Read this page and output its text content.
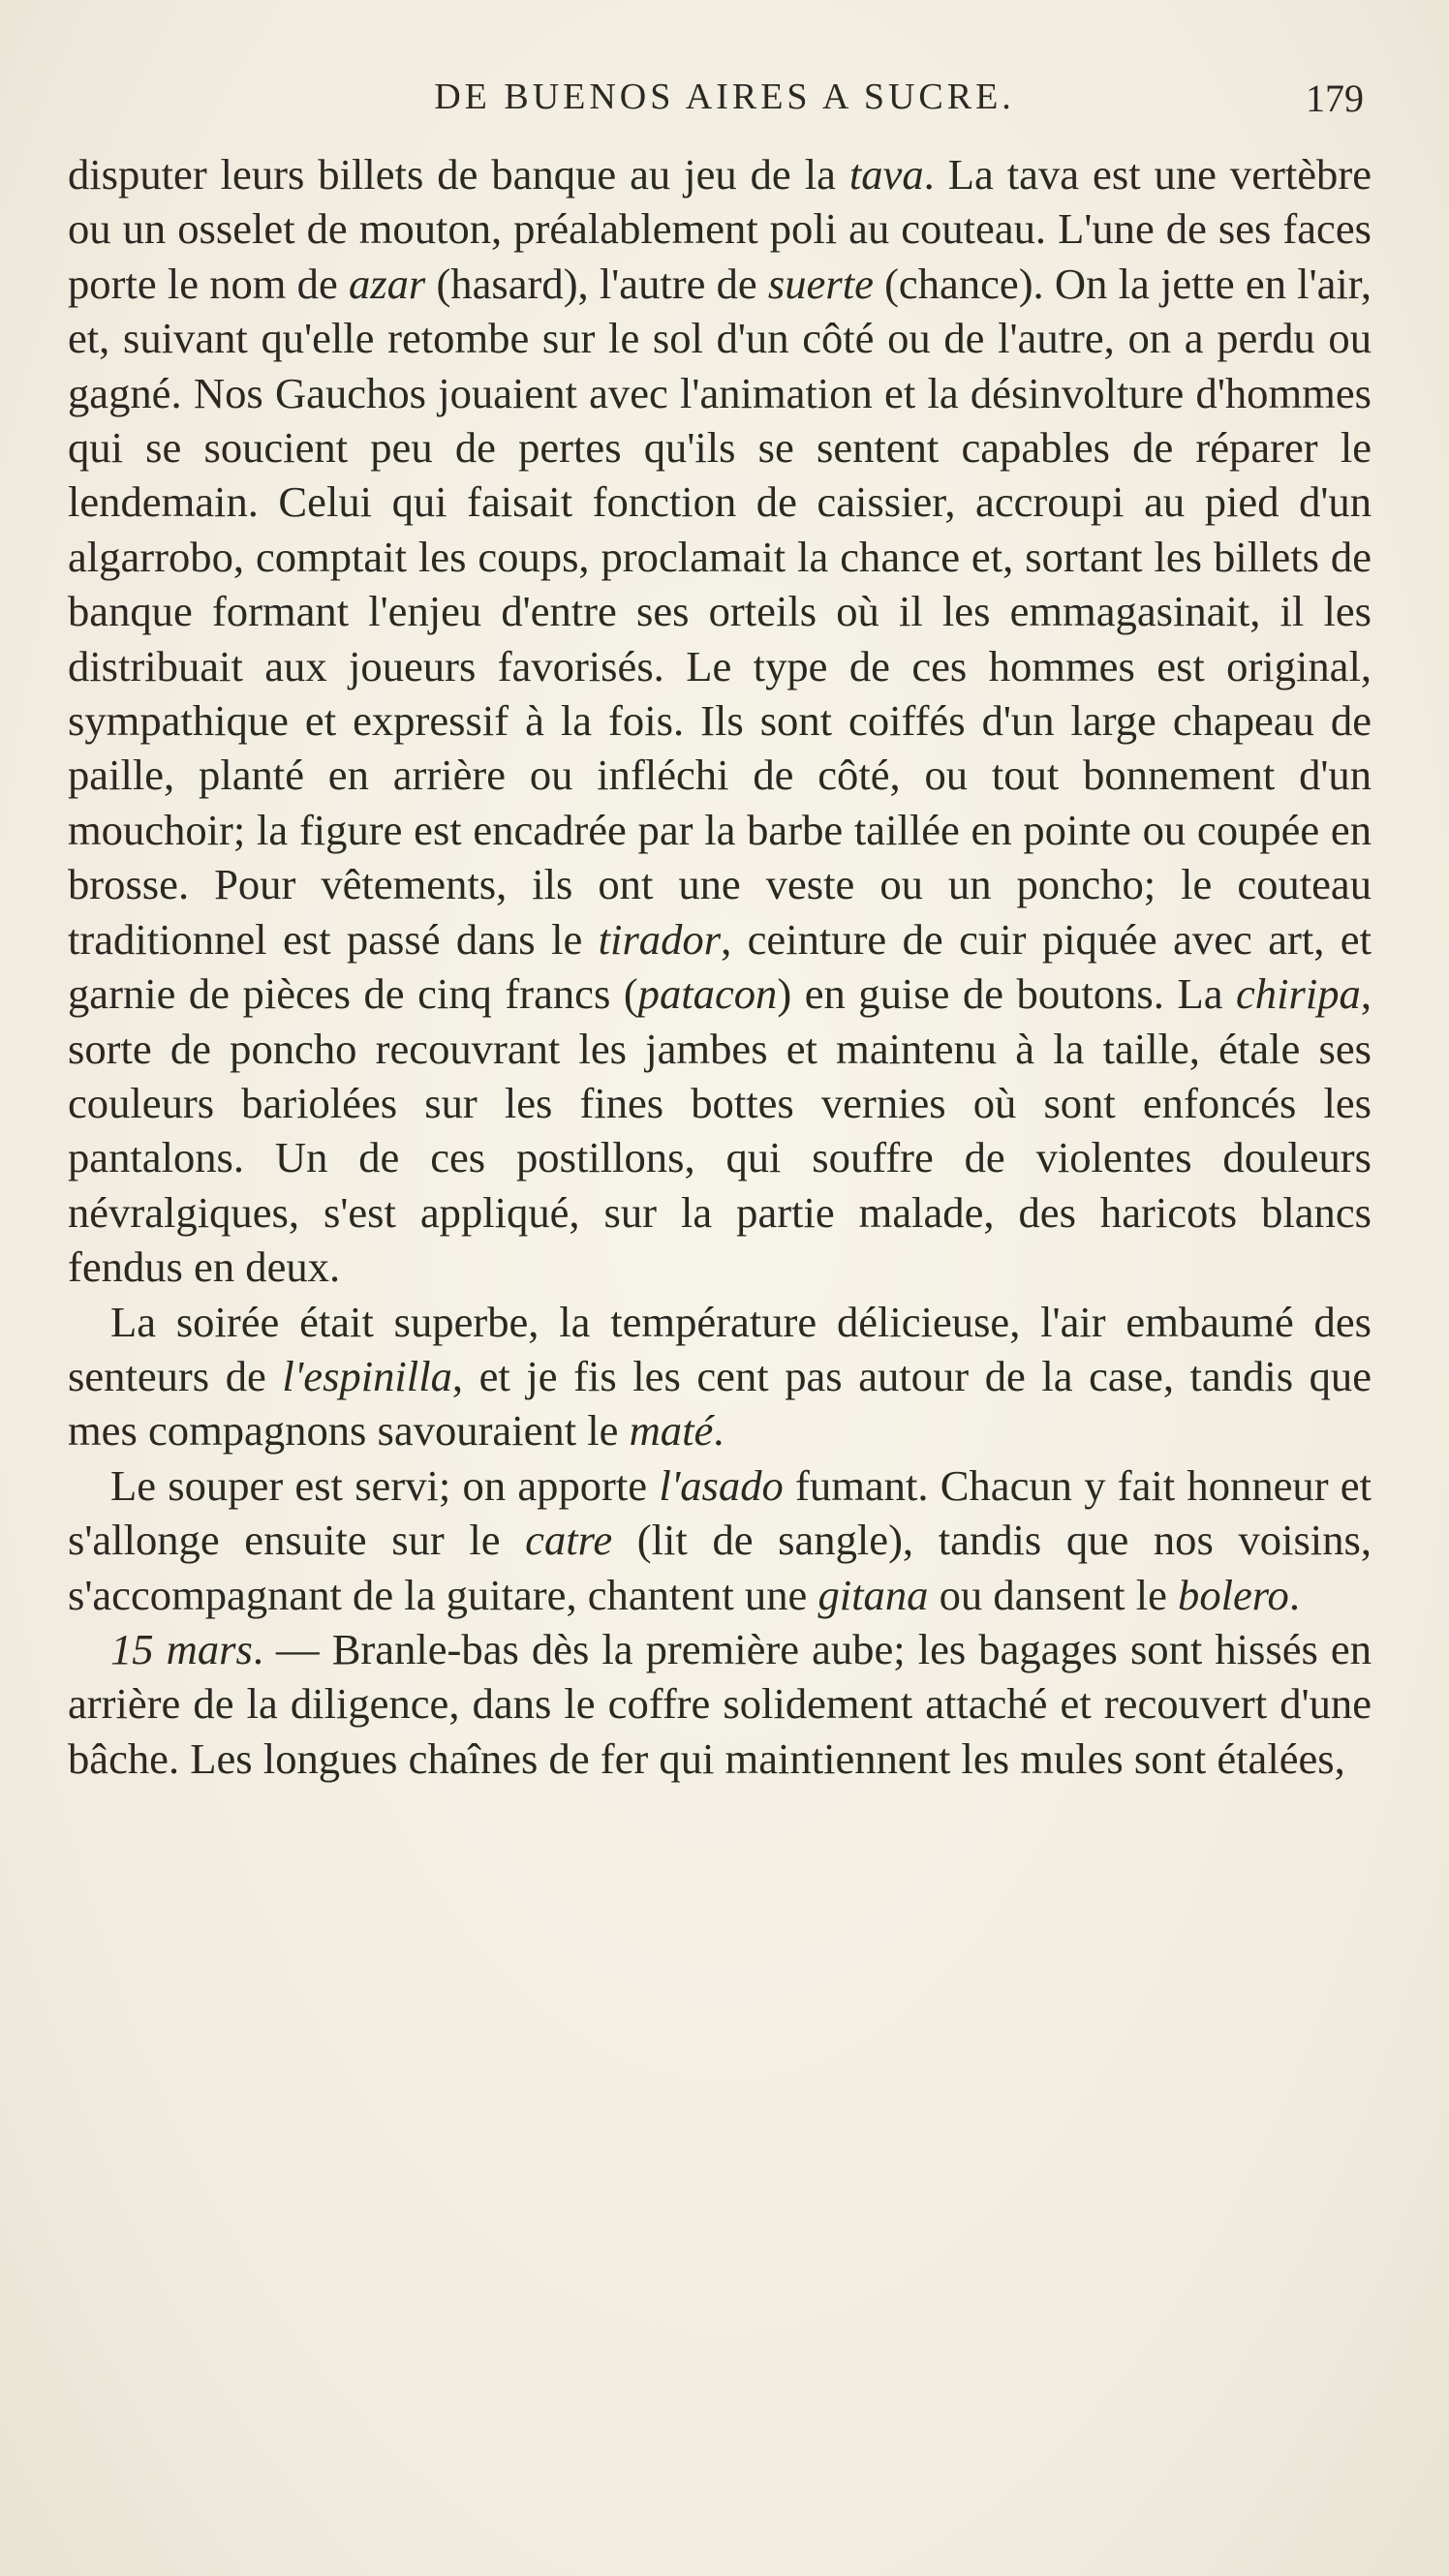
DE BUENOS AIRES A SUCRE.	179

disputer leurs billets de banque au jeu de la tava. La tava est une vertèbre ou un osselet de mouton, préalablement poli au couteau. L'une de ses faces porte le nom de azar (hasard), l'autre de suerte (chance). On la jette en l'air, et, suivant qu'elle retombe sur le sol d'un côté ou de l'autre, on a perdu ou gagné. Nos Gauchos jouaient avec l'animation et la désinvolture d'hommes qui se soucient peu de pertes qu'ils se sentent capables de réparer le lendemain. Celui qui faisait fonction de caissier, accroupi au pied d'un algarrobo, comptait les coups, proclamait la chance et, sortant les billets de banque formant l'enjeu d'entre ses orteils où il les emmagasinait, il les distribuait aux joueurs favorisés. Le type de ces hommes est original, sympathique et expressif à la fois. Ils sont coiffés d'un large chapeau de paille, planté en arrière ou infléchi de côté, ou tout bonnement d'un mouchoir; la figure est encadrée par la barbe taillée en pointe ou coupée en brosse. Pour vêtements, ils ont une veste ou un poncho; le couteau traditionnel est passé dans le tirador, ceinture de cuir piquée avec art, et garnie de pièces de cinq francs (patacon) en guise de boutons. La chiripa, sorte de poncho recouvrant les jambes et maintenu à la taille, étale ses couleurs bariolées sur les fines bottes vernies où sont enfoncés les pantalons. Un de ces postillons, qui souffre de violentes douleurs névralgiques, s'est appliqué, sur la partie malade, des haricots blancs fendus en deux.

La soirée était superbe, la température délicieuse, l'air embaumé des senteurs de l'espinilla, et je fis les cent pas autour de la case, tandis que mes compagnons savouraient le maté.

Le souper est servi; on apporte l'asado fumant. Chacun y fait honneur et s'allonge ensuite sur le catre (lit de sangle), tandis que nos voisins, s'accompagnant de la guitare, chantent une gitana ou dansent le bolero.

15 mars. — Branle-bas dès la première aube; les bagages sont hissés en arrière de la diligence, dans le coffre solidement attaché et recouvert d'une bâche. Les longues chaînes de fer qui maintiennent les mules sont étalées,
